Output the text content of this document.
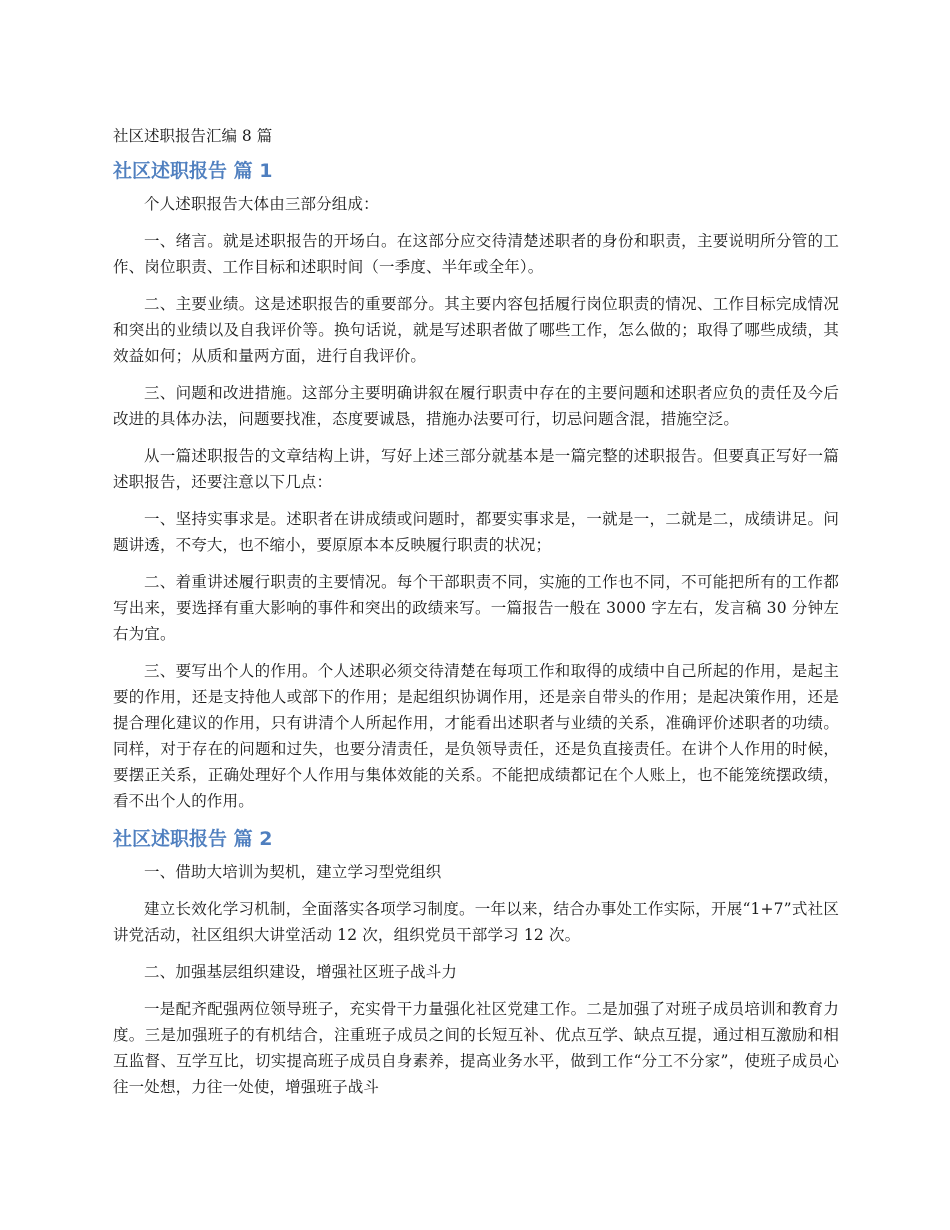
社区述职报告汇编 8 篇
社区述职报告 篇 1

个人述职报告大体由三部分组成：

一、绪言。就是述职报告的开场白。在这部分应交待清楚述职者的身份和职责，主要说明所分管的工作、岗位职责、工作目标和述职时间（一季度、半年或全年）。

二、主要业绩。这是述职报告的重要部分。其主要内容包括履行岗位职责的情况、工作目标完成情况和突出的业绩以及自我评价等。换句话说，就是写述职者做了哪些工作，怎么做的；取得了哪些成绩，其效益如何；从质和量两方面，进行自我评价。

三、问题和改进措施。这部分主要明确讲叙在履行职责中存在的主要问题和述职者应负的责任及今后改进的具体办法，问题要找准，态度要诚恳，措施办法要可行，切忌问题含混，措施空泛。

从一篇述职报告的文章结构上讲，写好上述三部分就基本是一篇完整的述职报告。但要真正写好一篇述职报告，还要注意以下几点：

一、坚持实事求是。述职者在讲成绩或问题时，都要实事求是，一就是一，二就是二，成绩讲足。问题讲透，不夸大，也不缩小，要原原本本反映履行职责的状况；

二、着重讲述履行职责的主要情况。每个干部职责不同，实施的工作也不同，不可能把所有的工作都写出来，要选择有重大影响的事件和突出的政绩来写。一篇报告一般在 3000 字左右，发言稿 30 分钟左右为宜。

三、要写出个人的作用。个人述职必须交待清楚在每项工作和取得的成绩中自己所起的作用，是起主要的作用，还是支持他人或部下的作用；是起组织协调作用，还是亲自带头的作用；是起决策作用，还是提合理化建议的作用，只有讲清个人所起作用，才能看出述职者与业绩的关系，准确评价述职者的功绩。同样，对于存在的问题和过失，也要分清责任，是负领导责任，还是负直接责任。在讲个人作用的时候，要摆正关系，正确处理好个人作用与集体效能的关系。不能把成绩都记在个人账上，也不能笼统摆政绩，看不出个人的作用。

社区述职报告 篇 2

一、借助大培训为契机，建立学习型党组织

建立长效化学习机制，全面落实各项学习制度。一年以来，结合办事处工作实际，开展“1+7”式社区讲党活动，社区组织大讲堂活动 12 次，组织党员干部学习 12 次。

二、加强基层组织建设，增强社区班子战斗力

一是配齐配强两位领导班子，充实骨干力量强化社区党建工作。二是加强了对班子成员培训和教育力度。三是加强班子的有机结合，注重班子成员之间的长短互补、优点互学、缺点互提，通过相互激励和相互监督、互学互比，切实提高班子成员自身素养，提高业务水平，做到工作“分工不分家”，使班子成员心往一处想，力往一处使，增强班子战斗
